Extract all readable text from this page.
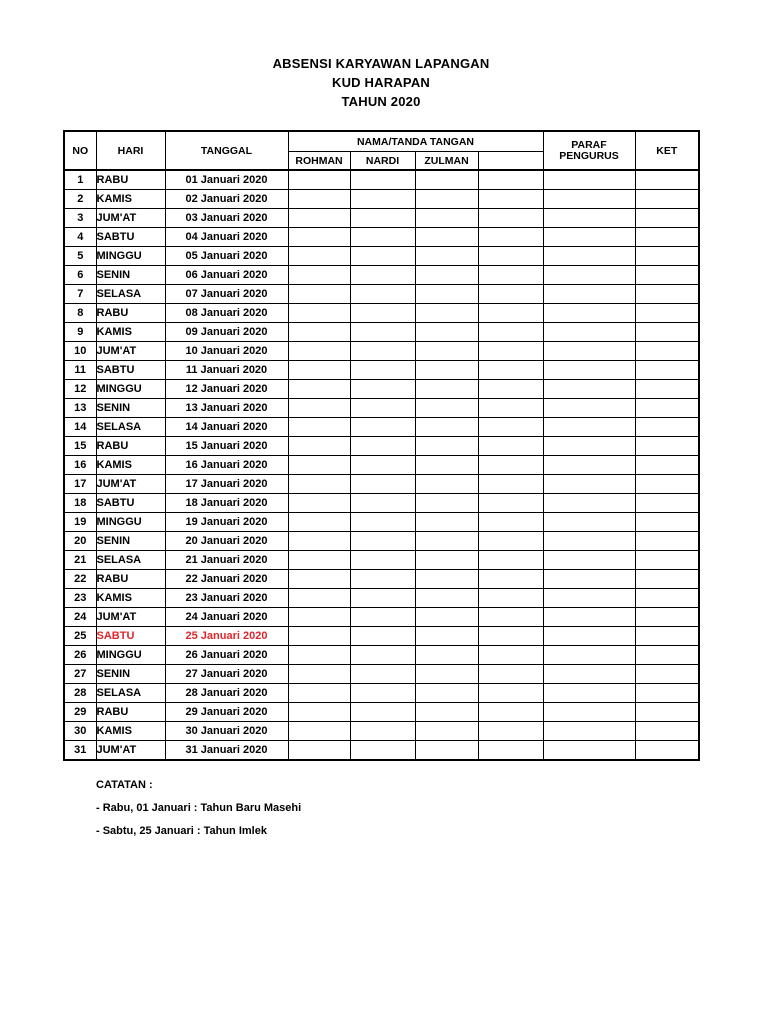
ABSENSI KARYAWAN LAPANGAN
KUD HARAPAN
TAHUN 2020
NO	HARI	TANGGAL	NAMA/TANDA TANGAN				PARAF PENGURUS	KET
			ROHMAN	NARDI	ZULMAN			
1	RABU	01 Januari 2020						
2	KAMIS	02 Januari 2020						
3	JUM'AT	03 Januari 2020						
4	SABTU	04 Januari 2020						
5	MINGGU	05 Januari 2020						
6	SENIN	06 Januari 2020						
7	SELASA	07 Januari 2020						
8	RABU	08 Januari 2020						
9	KAMIS	09 Januari 2020						
10	JUM'AT	10 Januari 2020						
11	SABTU	11 Januari 2020						
12	MINGGU	12 Januari 2020						
13	SENIN	13 Januari 2020						
14	SELASA	14 Januari 2020						
15	RABU	15 Januari 2020						
16	KAMIS	16 Januari 2020						
17	JUM'AT	17 Januari 2020						
18	SABTU	18 Januari 2020						
19	MINGGU	19 Januari 2020						
20	SENIN	20 Januari 2020						
21	SELASA	21 Januari 2020						
22	RABU	22 Januari 2020						
23	KAMIS	23 Januari 2020						
24	JUM'AT	24 Januari 2020						
25	SABTU	25 Januari 2020						
26	MINGGU	26 Januari 2020						
27	SENIN	27 Januari 2020						
28	SELASA	28 Januari 2020						
29	RABU	29 Januari 2020						
30	KAMIS	30 Januari 2020						
31	JUM'AT	31 Januari 2020						
CATATAN :
- Rabu, 01 Januari : Tahun Baru Masehi
- Sabtu, 25 Januari : Tahun Imlek
